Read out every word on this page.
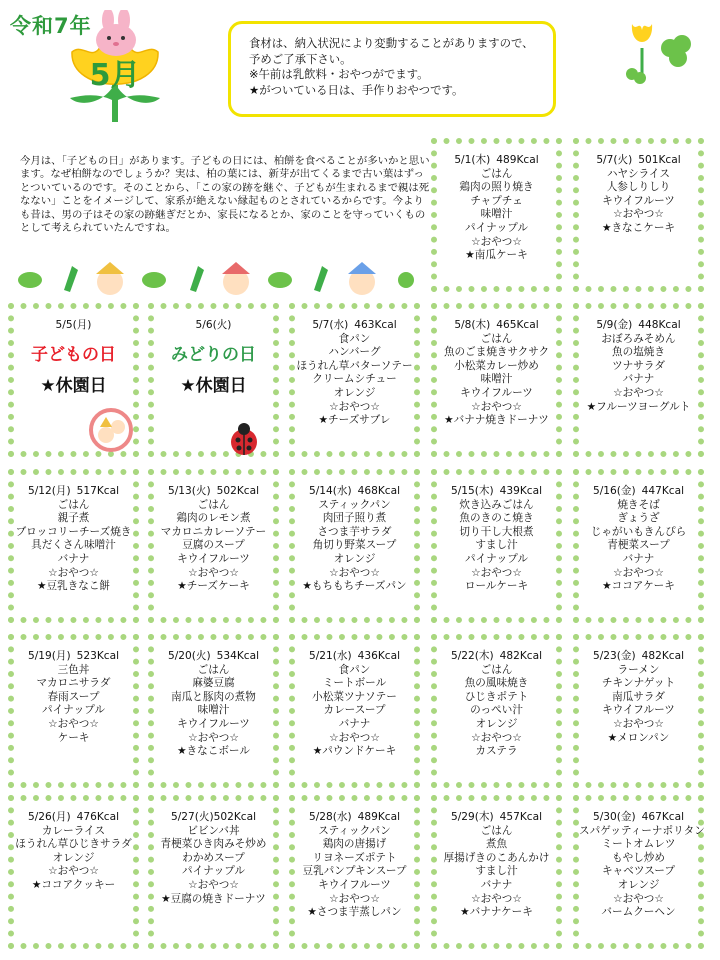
令和7年
5月
食材は、納入状況により変動することがありますので、
予めご了承下さい。
※午前は乳飲料・おやつがでます。
★がついている日は、手作りおやつです。
今月は、「子どもの日」があります。子どもの日には、柏餅を食べることが多いかと思います。なぜ柏餅なのでしょうか？実は、柏の葉には、新芽が出てくるまで古い葉はずっとついているのです。そのことから、「この家の跡を継ぐ、子どもが生まれるまで親は死なない」ことをイメージして、家系が絶えない縁起ものとされているからです。今よりも昔は、男の子はその家の跡継ぎだとか、家長になるとか、家のことを守っていくものとして考えられていたんですね。
5/1(木) 489Kcal
ごはん
鶏肉の照り焼き
チャプチェ
味噌汁
パイナップル
☆おやつ☆
★南瓜ケーキ
5/7(火) 501Kcal
ハヤシライス
人参しりしり
キウイフルーツ
☆おやつ☆
★きなこケーキ
5/5(月)
子どもの日
★休園日
5/6(火)
みどりの日
★休園日
5/7(水) 463Kcal
食パン
ハンバーグ
ほうれん草バターソテー
クリームシチュー
オレンジ
☆おやつ☆
★チーズサブレ
5/8(木) 465Kcal
ごはん
魚のごま焼きサクサク
小松菜カレー炒め
味噌汁
キウイフルーツ
☆おやつ☆
★バナナ焼きドーナツ
5/9(金) 448Kcal
おぼろみそめん
魚の塩焼き
ツナサラダ
バナナ
☆おやつ☆
★フルーツヨーグルト
5/12(月) 517Kcal
ごはん
親子煮
ブロッコリーチーズ焼き
具だくさん味噌汁
バナナ
☆おやつ☆
★豆乳きなこ餅
5/13(火) 502Kcal
ごはん
鶏肉のレモン煮
マカロニカレーソテー
豆腐のスープ
キウイフルーツ
☆おやつ☆
★チーズケーキ
5/14(水) 468Kcal
スティックパン
肉団子照り煮
さつま芋サラダ
角切り野菜スープ
オレンジ
☆おやつ☆
★もちもちチーズパン
5/15(木) 439Kcal
炊き込みごはん
魚のきのこ焼き
切り干し大根煮
すまし汁
パイナップル
☆おやつ☆
ロールケーキ
5/16(金) 447Kcal
焼きそば
ぎょうざ
じゃがいもきんぴら
青梗菜スープ
バナナ
☆おやつ☆
★ココアケーキ
5/19(月) 523Kcal
三色丼
マカロニサラダ
春雨スープ
パイナップル
☆おやつ☆
ケーキ
5/20(火) 534Kcal
ごはん
麻婆豆腐
南瓜と豚肉の煮物
味噌汁
キウイフルーツ
☆おやつ☆
★きなこボール
5/21(水) 436Kcal
食パン
ミートボール
小松菜ツナソテー
カレースープ
バナナ
☆おやつ☆
★パウンドケーキ
5/22(木) 482Kcal
ごはん
魚の風味焼き
ひじきポテト
のっぺい汁
オレンジ
☆おやつ☆
カステラ
5/23(金) 482Kcal
ラーメン
チキンナゲット
南瓜サラダ
キウイフルーツ
☆おやつ☆
★メロンパン
5/26(月) 476Kcal
カレーライス
ほうれん草ひじきサラダ
オレンジ
☆おやつ☆
★ココアクッキー
5/27(火)502Kcal
ビビンバ丼
青梗菜ひき肉みそ炒め
わかめスープ
パイナップル
☆おやつ☆
★豆腐の焼きドーナツ
5/28(水) 489Kcal
スティックパン
鶏肉の唐揚げ
リヨネーズポテト
豆乳パンプキンスープ
キウイフルーツ
☆おやつ☆
★さつま芋蒸しパン
5/29(木) 457Kcal
ごはん
煮魚
厚揚げきのこあんかけ
すまし汁
バナナ
☆おやつ☆
★バナナケーキ
5/30(金) 467Kcal
スパゲッティーナポリタン
ミートオムレツ
もやし炒め
キャベツスープ
オレンジ
☆おやつ☆
バームクーヘン
